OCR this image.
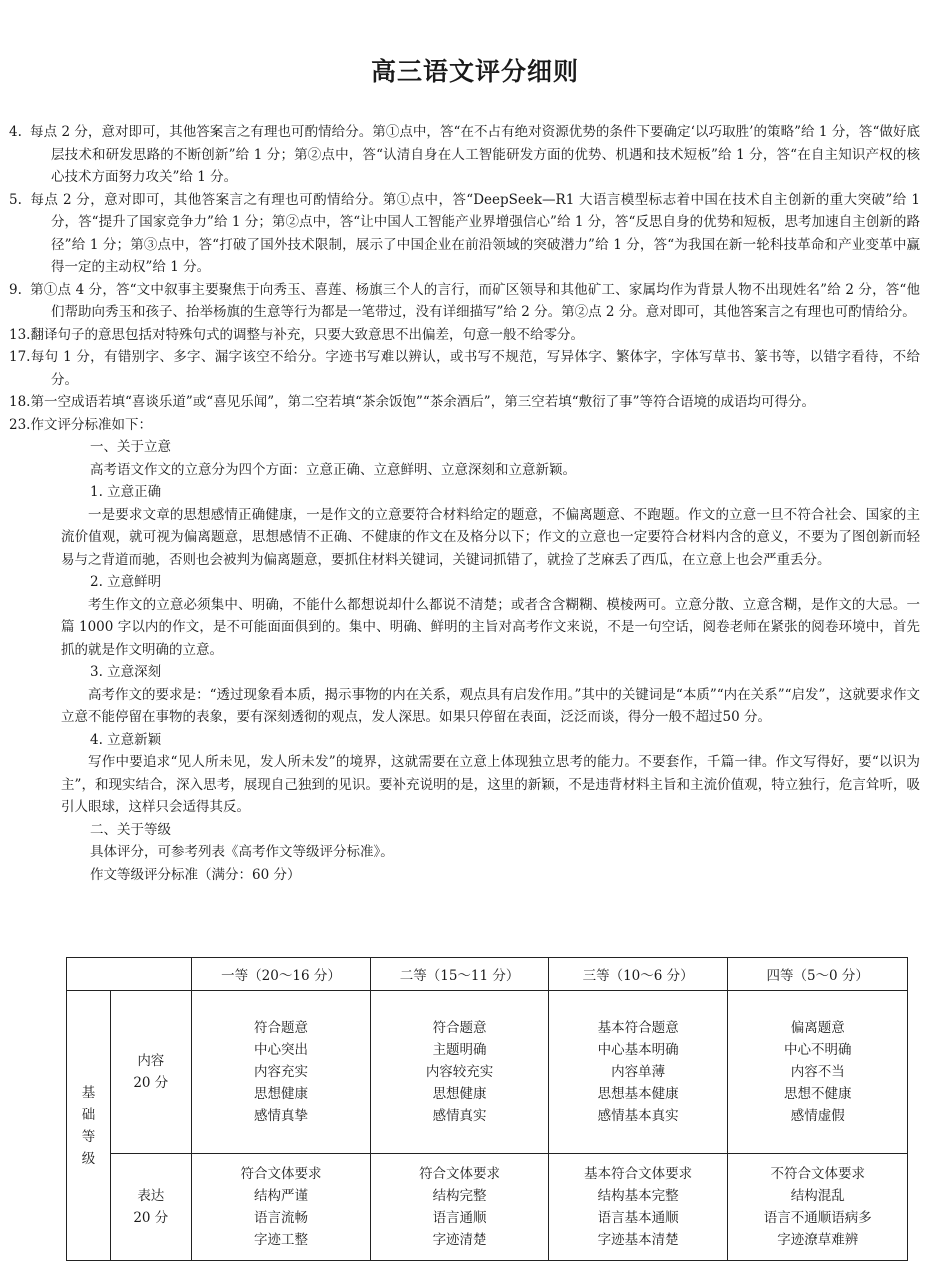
高三语文评分细则
4. 每点 2 分，意对即可，其他答案言之有理也可酌情给分。第①点中，答“在不占有绝对资源优势的条件下要确定‘以巧取胜’的策略”给 1 分，答“做好底层技术和研发思路的不断创新”给 1 分；第②点中，答“认清自身在人工智能研发方面的优势、机遇和技术短板”给 1 分，答“在自主知识产权的核心技术方面努力攻关”给 1 分。
5. 每点 2 分，意对即可，其他答案言之有理也可酌情给分。第①点中，答“DeepSeek—R1 大语言模型标志着中国在技术自主创新的重大突破”给 1 分，答“提升了国家竞争力”给 1 分；第②点中，答“让中国人工智能产业界增强信心”给 1 分，答“反思自身的优势和短板，思考加速自主创新的路径”给 1 分；第③点中，答“打破了国外技术限制，展示了中国企业在前沿领域的突破潜力”给 1 分，答“为我国在新一轮科技革命和产业变革中赢得一定的主动权”给 1 分。
9. 第①点 4 分，答“文中叙事主要聚焦于向秀玉、喜莲、杨旗三个人的言行，而矿区领导和其他矿工、家属均作为背景人物不出现姓名”给 2 分，答“他们帮助向秀玉和孩子、抬举杨旗的生意等行为都是一笔带过，没有详细描写”给 2 分。第②点 2 分。意对即可，其他答案言之有理也可酌情给分。
13.翻译句子的意思包括对特殊句式的调整与补充，只要大致意思不出偏差，句意一般不给零分。
17.每句 1 分，有错别字、多字、漏字该空不给分。字迹书写难以辨认，或书写不规范，写异体字、繁体字，字体写草书、篆书等，以错字看待，不给分。
18.第一空成语若填“喜谈乐道”或“喜见乐闻”，第二空若填“茶余饭饱”“茶余酒后”，第三空若填“敷衍了事”等符合语境的成语均可得分。
23.作文评分标准如下：
一、关于立意
高考语文作文的立意分为四个方面：立意正确、立意鲜明、立意深刻和立意新颖。
1. 立意正确
一是要求文章的思想感情正确健康，一是作文的立意要符合材料给定的题意，不偏离题意、不跑题。作文的立意一旦不符合社会、国家的主流价值观，就可视为偏离题意，思想感情不正确、不健康的作文在及格分以下；作文的立意也一定要符合材料内含的意义，不要为了图创新而轻易与之背道而驰，否则也会被判为偏离题意，要抓住材料关键词，关键词抓错了，就捡了芝麻丢了西瓜，在立意上也会严重丢分。
2. 立意鲜明
考生作文的立意必须集中、明确，不能什么都想说却什么都说不清楚；或者含含糊糊、模棱两可。立意分散、立意含糊，是作文的大忌。一篇 1000 字以内的作文，是不可能面面俱到的。集中、明确、鲜明的主旨对高考作文来说，不是一句空话，阅卷老师在紧张的阅卷环境中，首先抓的就是作文明确的立意。
3. 立意深刻
高考作文的要求是：“透过现象看本质，揭示事物的内在关系，观点具有启发作用。”其中的关键词是“本质”“内在关系”“启发”，这就要求作文立意不能停留在事物的表象，要有深刻透彻的观点，发人深思。如果只停留在表面，泛泛而谈，得分一般不超过50 分。
4. 立意新颖
写作中要追求“见人所未见，发人所未发”的境界，这就需要在立意上体现独立思考的能力。不要套作，千篇一律。作文写得好，要“以识为主”，和现实结合，深入思考，展现自己独到的见识。要补充说明的是，这里的新颖，不是违背材料主旨和主流价值观，特立独行，危言耸听，吸引人眼球，这样只会适得其反。
二、关于等级
具体评分，可参考列表《高考作文等级评分标准》。
作文等级评分标准（满分：60 分）
		一等（20～16 分）	二等（15～11 分）	三等（10～6 分）	四等（5～0 分）
基
础
等
级	内容
20 分	符合题意
中心突出
内容充实
思想健康
感情真挚	符合题意
主题明确
内容较充实
思想健康
感情真实	基本符合题意
中心基本明确
内容单薄
思想基本健康
感情基本真实	偏离题意
中心不明确
内容不当
思想不健康
感情虚假
	表达
20 分	符合文体要求
结构严谨
语言流畅
字迹工整	符合文体要求
结构完整
语言通顺
字迹清楚	基本符合文体要求
结构基本完整
语言基本通顺
字迹基本清楚	不符合文体要求
结构混乱
语言不通顺语病多
字迹潦草难辨
